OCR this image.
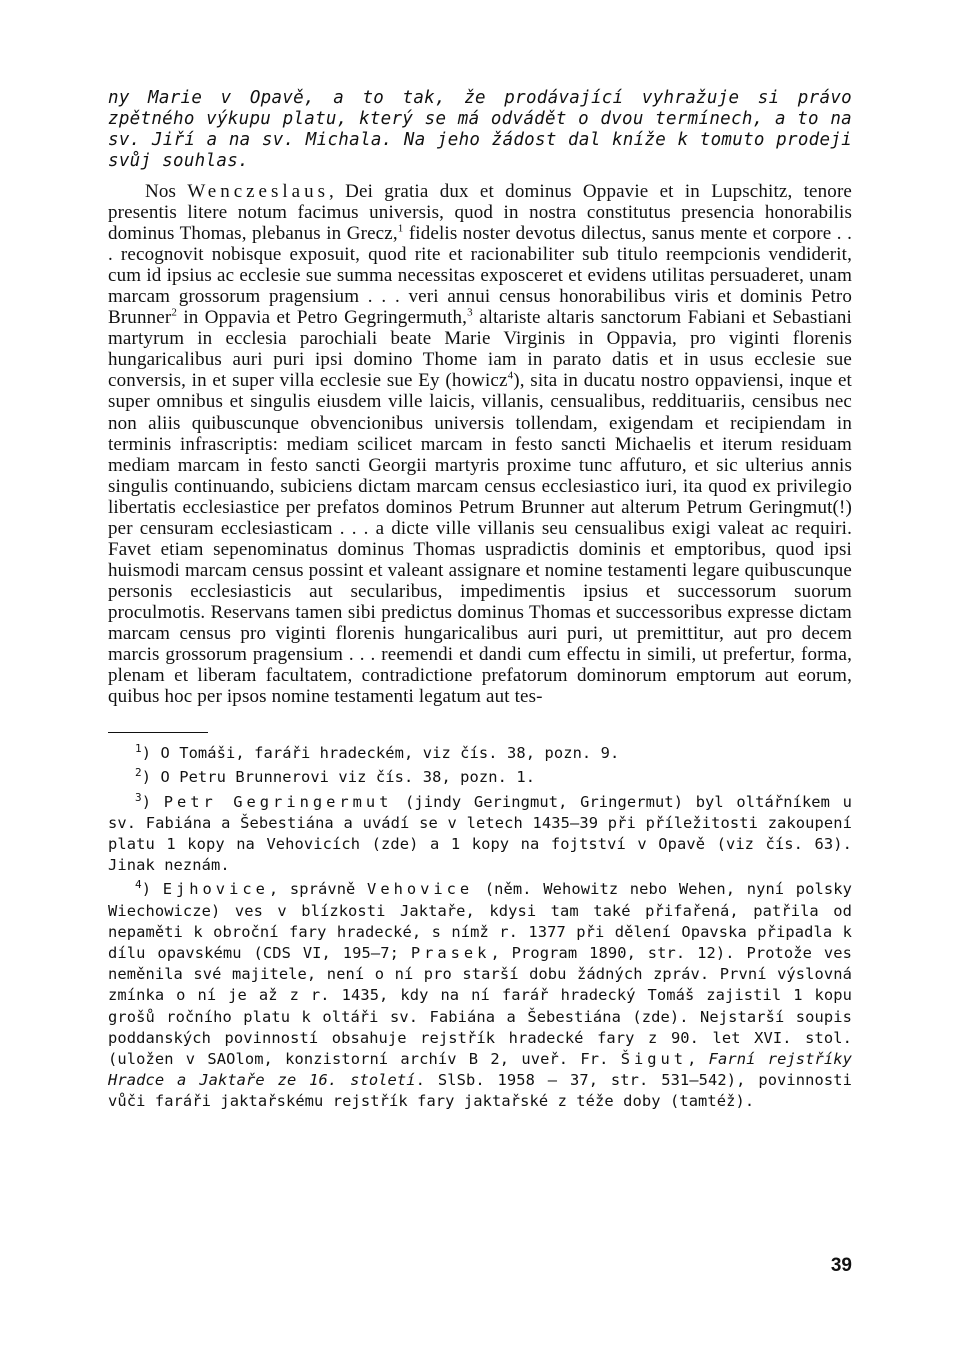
ny Marie v Opavě, a to tak, že prodávající vyhražuje si právo zpětného výkupu platu, který se má odvádět o dvou termínech, a to na sv. Jiří a na sv. Michala. Na jeho žádost dal kníže k tomuto prodeji svůj souhlas.

Nos Wenczeslaus, Dei gratia dux et dominus Oppavie et in Lupschitz, tenore presentis litere notum facimus universis, quod in nostra constitutus presencia honorabilis dominus Thomas, plebanus in Grecz,$^1$ fidelis noster devotus dilectus, sanus mente et corpore . . . recognovit nobisque exposuit, quod rite et racionabiliter sub titulo reempcionis vendiderit, cum id ipsius ac ecclesie sue summa necessitas exposceret et evidens utilitas persuaderet, unam marcam grossorum pragensium . . . veri annui census honorabilibus viris et dominis Petro Brunner$^2$ in Oppavia et Petro Gegringermuth,$^3$ altariste altaris sanctorum Fabiani et Sebastiani martyrum in ecclesia parochiali beate Marie Virginis in Oppavia, pro viginti florenis hungaricalibus auri puri ipsi domino Thome iam in parato datis et in usus ecclesie sue conversis, in et super villa ecclesie sue Ey (howicz$^4$), sita in ducatu nostro oppaviensi, inque et super omnibus et singulis eiusdem ville laicis, villanis, censualibus, reddituariis, censibus nec non aliis quibuscunque obvencionibus universis tollendam, exigendam et recipiendam in terminis infrascriptis: mediam scilicet marcam in festo sancti Michaelis et iterum residuam mediam marcam in festo sancti Georgii martyris proxime tunc affuturo, et sic ulterius annis singulis continuando, subiciens dictam marcam census ecclesiastico iuri, ita quod ex privilegio libertatis ecclesiastice per prefatos dominos Petrum Brunner aut alterum Petrum Geringmut(!) per censuram ecclesiasticam . . . a dicte ville villanis seu censualibus exigi valeat ac requiri. Favet etiam sepenominatus dominus Thomas uspradictis dominis et emptoribus, quod ipsi huismodi marcam census possint et valeant assignare et nomine testamenti legare quibuscunque personis ecclesiasticis aut secularibus, impedimentis ipsius et successorum suorum proculmotis. Reservans tamen sibi predictus dominus Thomas et successoribus expresse dictam marcam census pro viginti florenis hungaricalibus auri puri, ut premittitur, aut pro decem marcis grossorum pragensium . . . reemendi et dandi cum effectu in simili, ut prefertur, forma, plenam et liberam facultatem, contradictione prefatorum dominorum emptorum aut eorum, quibus hoc per ipsos nomine testamenti legatum aut tes-

$^1$) O Tomáši, faráři hradeckém, viz čís. 38, pozn. 9.

$^2$) O Petru Brunnerovi viz čís. 38, pozn. 1.

$^3$) Petr Gegringermut (jindy Geringmut, Gringermut) byl oltářníkem u sv. Fabiána a Šebestiána a uvádí se v letech 1435—39 při příležitosti zakoupení platu 1 kopy na Vehovicích (zde) a 1 kopy na fojtství v Opavě (viz čís. 63). Jinak neznám.

$^4$) Ejhovice, správně Vehovice (něm. Wehowitz nebo Wehen, nyní polsky Wiechowicze) ves v blízkosti Jaktaře, kdysi tam také přifařená, patřila od nepaměti k obroční fary hradecké, s nímž r. 1377 při dělení Opavska připadla k dílu opavskému (CDS VI, 195—7; Prasek, Program 1890, str. 12). Protože ves neměnila své majitele, není o ní pro starší dobu žádných zpráv. První výslovná zmínka o ní je až z r. 1435, kdy na ní farář hradecký Tomáš zajistil 1 kopu grošů ročního platu k oltáři sv. Fabiána a Šebestiána (zde). Nejstarší soupis poddanských povinností obsahuje rejstřík hradecké fary z 90. let XVI. stol. (uložen v SAOlom, konzistorní archív B 2, uveř. Fr. Šigut, Farní rejstříky Hradce a Jaktaře ze 16. století. SlSb. 1958 — 37, str. 531—542), povinnosti vůči faráři jaktařskému rejstřík fary jaktařské z téže doby (tamtéž).

39
